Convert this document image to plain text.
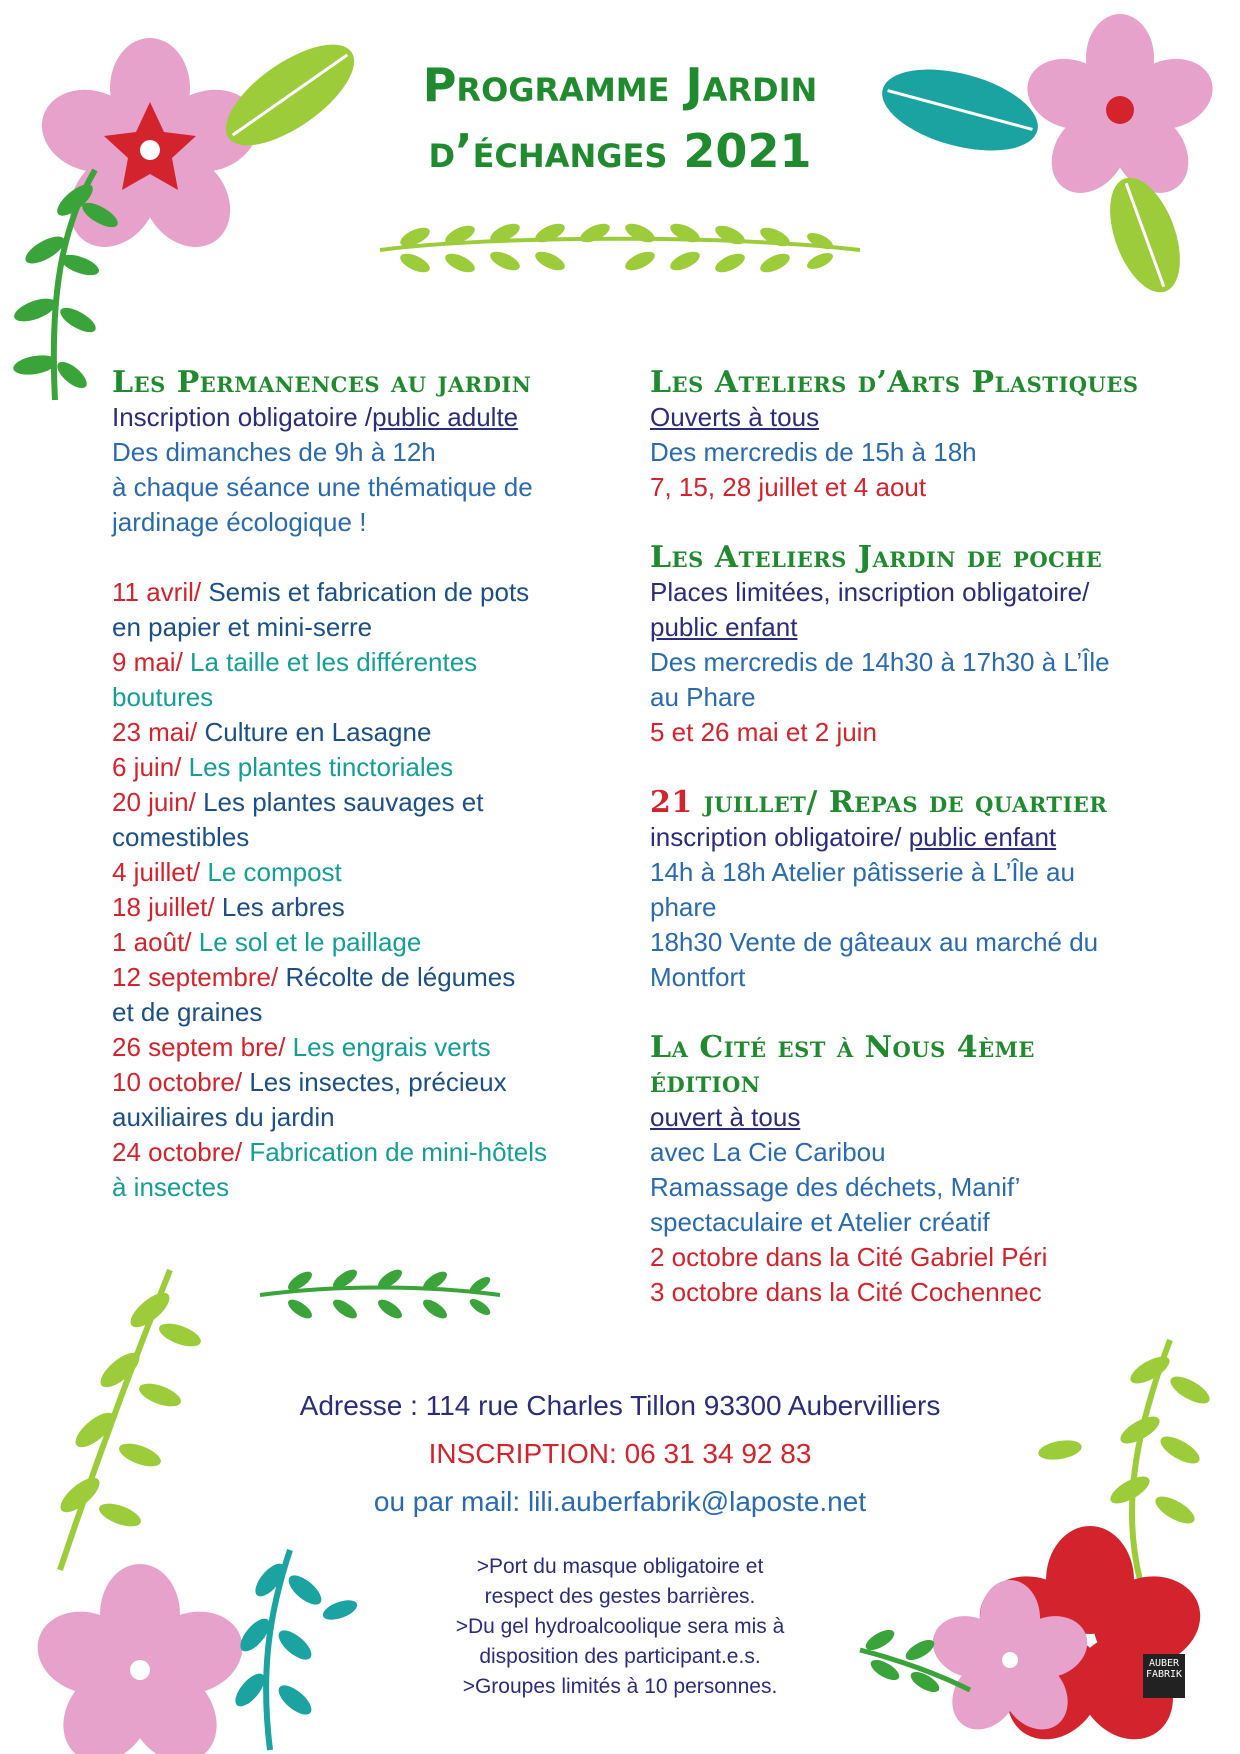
Programme Jardin
d’échanges 2021
Les Permanences au jardin
Inscription obligatoire /public adulte
Des dimanches de 9h à 12h
à chaque séance une thématique de
jardinage écologique !
11 avril/ Semis et fabrication de pots
en papier et mini-serre
9 mai/ La taille et les différentes
boutures
23 mai/ Culture en Lasagne
6 juin/ Les plantes tinctoriales
20 juin/ Les plantes sauvages et
comestibles
4 juillet/ Le compost
18 juillet/ Les arbres
1 août/ Le sol et le paillage
12 septembre/ Récolte de légumes
et de graines
26 septem bre/ Les engrais verts
10 octobre/ Les insectes, précieux
auxiliaires du jardin
24 octobre/ Fabrication de mini-hôtels
à insectes
Les Ateliers d’Arts Plastiques
Ouverts à tous
Des mercredis de 15h à 18h
7, 15, 28 juillet et 4 aout
Les Ateliers Jardin de poche
Places limitées, inscription obligatoire/
public enfant
Des mercredis de 14h30 à 17h30 à L’Île
au Phare
5 et 26 mai et 2 juin
21 juillet/ Repas de quartier
inscription obligatoire/ public enfant
14h à 18h Atelier pâtisserie à L’Île au
phare
18h30 Vente de gâteaux au marché du
Montfort
La Cité est à Nous 4ème édition
ouvert à tous
avec La Cie Caribou
Ramassage des déchets, Manif’
spectaculaire et Atelier créatif
2 octobre dans la Cité Gabriel Péri
3 octobre dans la Cité Cochennec
Adresse : 114 rue Charles Tillon 93300 Aubervilliers
INSCRIPTION: 06 31 34 92 83
ou par mail: lili.auberfabrik@laposte.net
>Port du masque obligatoire et
respect des gestes barrières.
>Du gel hydroalcoolique sera mis à
disposition des participant.e.s.
>Groupes limités à 10 personnes.
AUBER
FABRIK
